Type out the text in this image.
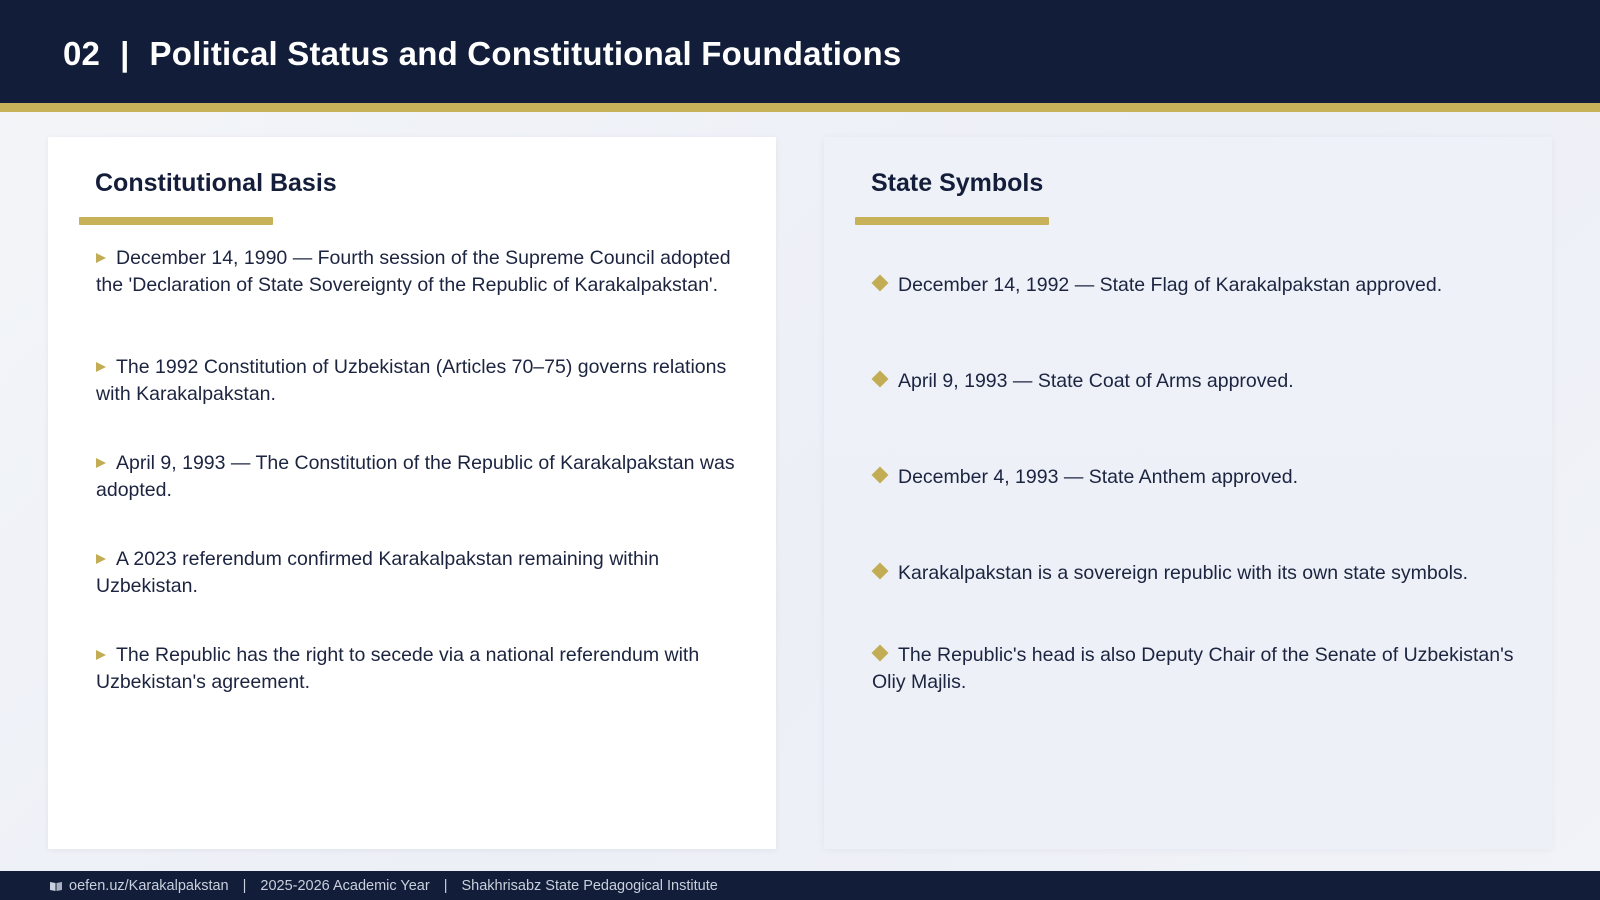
02 | Political Status and Constitutional Foundations
Constitutional Basis
December 14, 1990 — Fourth session of the Supreme Council adopted the 'Declaration of State Sovereignty of the Republic of Karakalpakstan'.
The 1992 Constitution of Uzbekistan (Articles 70–75) governs relations with Karakalpakstan.
April 9, 1993 — The Constitution of the Republic of Karakalpakstan was adopted.
A 2023 referendum confirmed Karakalpakstan remaining within Uzbekistan.
The Republic has the right to secede via a national referendum with Uzbekistan's agreement.
State Symbols
December 14, 1992 — State Flag of Karakalpakstan approved.
April 9, 1993 — State Coat of Arms approved.
December 4, 1993 — State Anthem approved.
Karakalpakstan is a sovereign republic with its own state symbols.
The Republic's head is also Deputy Chair of the Senate of Uzbekistan's Oliy Majlis.
oefen.uz/Karakalpakstan | 2025-2026 Academic Year | Shakhrisabz State Pedagogical Institute
